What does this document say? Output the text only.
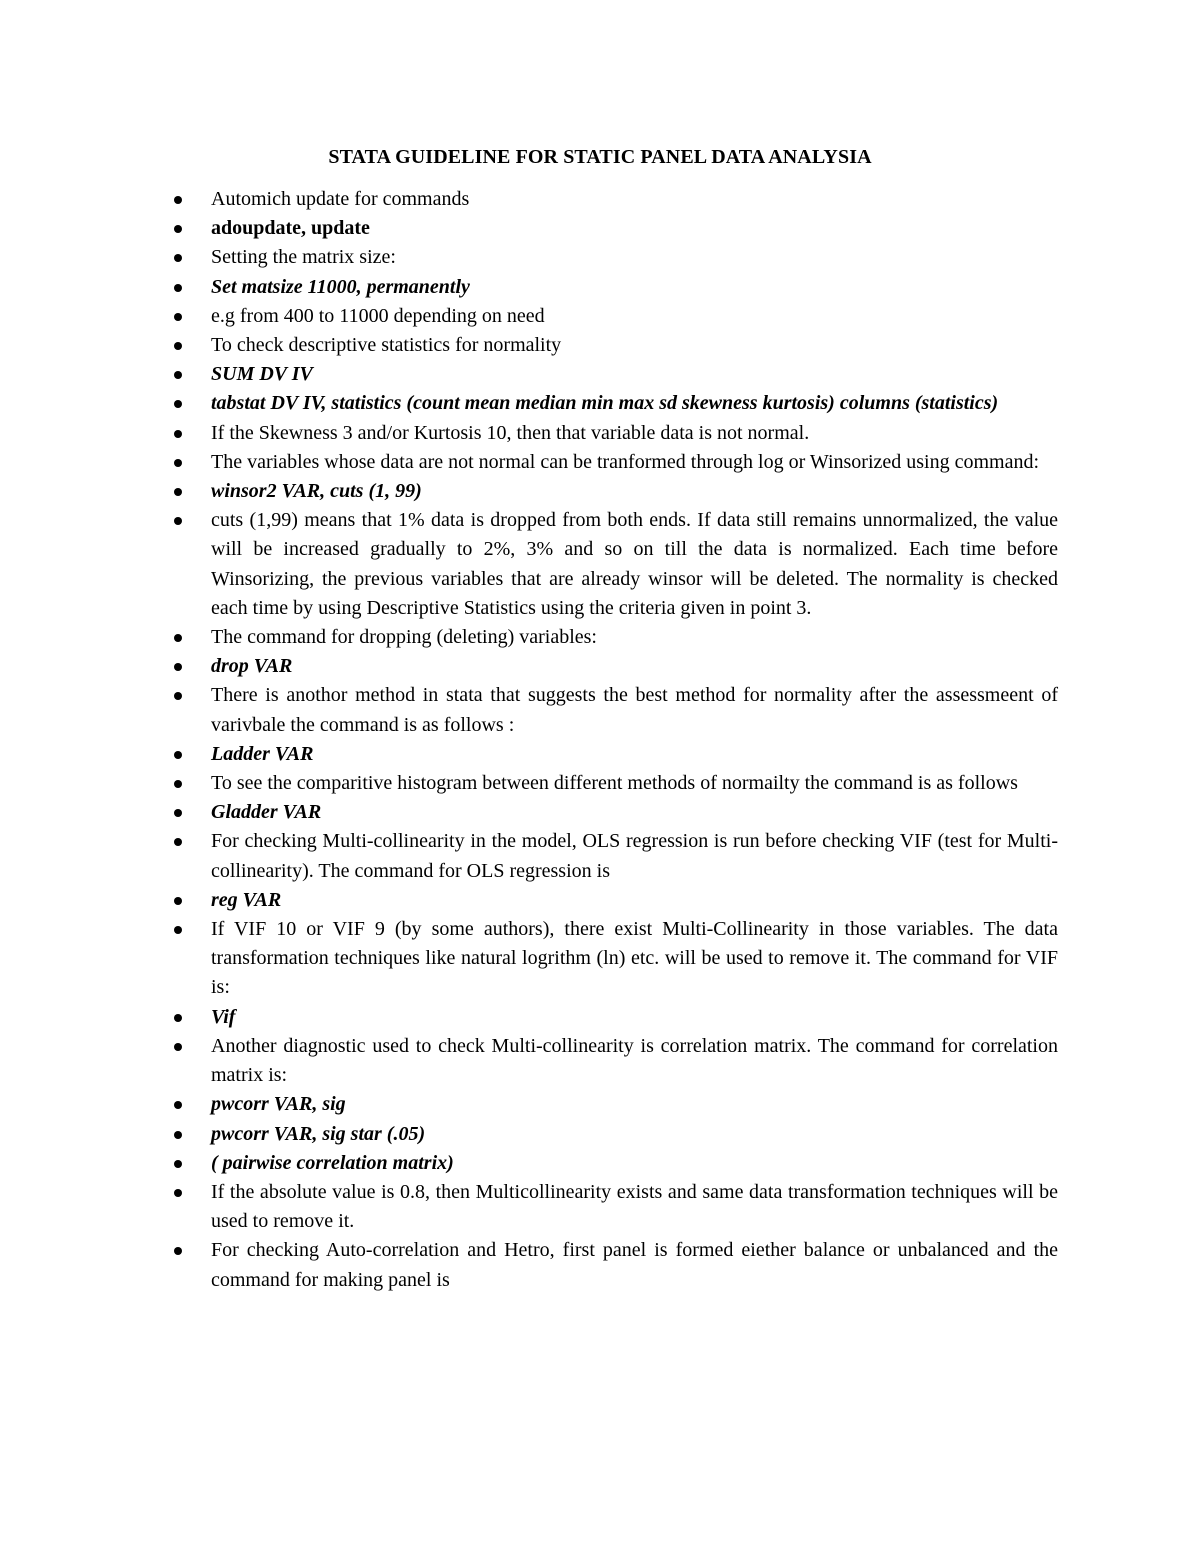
STATA GUIDELINE FOR STATIC PANEL DATA ANALYSIA
Automich update for commands
adoupdate, update
Setting the matrix size:
Set matsize 11000, permanently
e.g from 400 to 11000 depending on need
To check descriptive statistics for normality
SUM DV IV
tabstat DV IV, statistics (count mean median min max sd skewness kurtosis) columns (statistics)
If the Skewness 3 and/or Kurtosis 10, then that variable data is not normal.
The variables whose data are not normal can be tranformed through log or Winsorized using command:
winsor2 VAR, cuts (1, 99)
cuts (1,99) means that 1% data is dropped from both ends. If data still remains unnormalized, the value will be increased gradually to 2%, 3% and so on till the data is normalized. Each time before Winsorizing, the previous variables that are already winsor will be deleted. The normality is checked each time by using Descriptive Statistics using the criteria given in point 3.
The command for dropping (deleting) variables:
drop VAR
There is anothor method in stata that suggests the best method for normality after the assessmeent of varivbale the command is as follows :
Ladder VAR
To see the comparitive histogram between different methods of normailty the command is as follows
Gladder VAR
For checking Multi-collinearity in the model, OLS regression is run before checking VIF (test for Multi-collinearity). The command for OLS regression is
reg VAR
If VIF 10 or VIF 9 (by some authors), there exist Multi-Collinearity in those variables. The data transformation techniques like natural logrithm (ln) etc. will be used to remove it. The command for VIF is:
Vif
Another diagnostic used to check Multi-collinearity is correlation matrix. The command for correlation matrix is:
pwcorr VAR, sig
pwcorr VAR, sig star (.05)
( pairwise correlation matrix)
If the absolute value is 0.8, then Multicollinearity exists and same data transformation techniques will be used to remove it.
For checking Auto-correlation and Hetro, first panel is formed eiether balance or unbalanced and the command for making panel is
